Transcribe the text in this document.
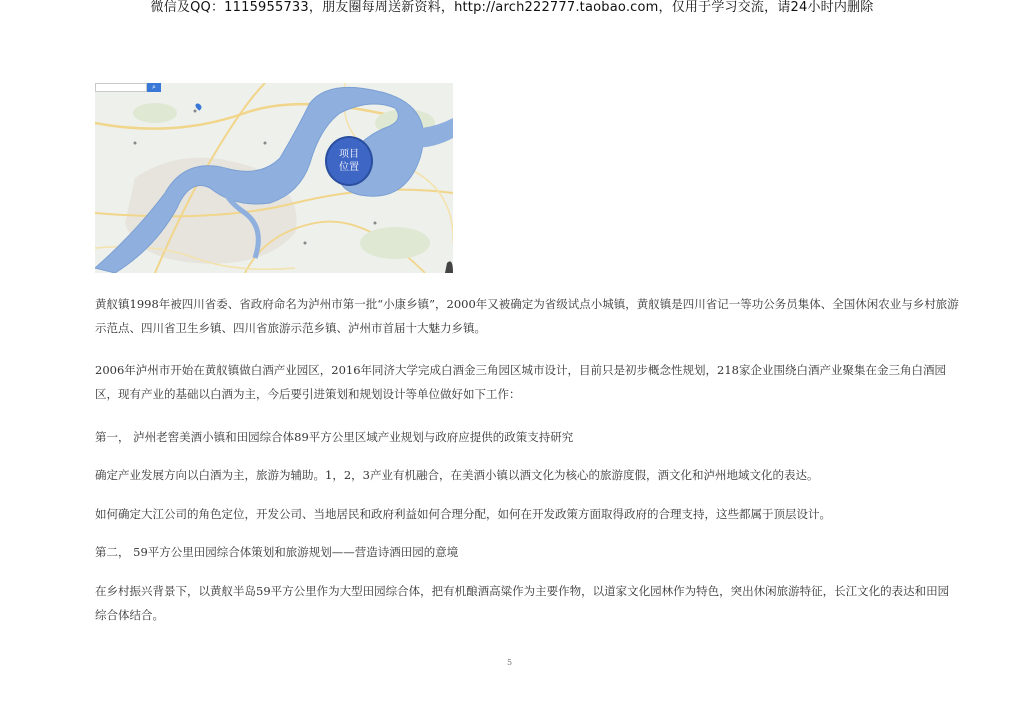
微信及QQ：1115955733，朋友圈每周送新资料，http://arch222777.taobao.com，仅用于学习交流，请24小时内删除
⌕
项目
位置
黄舣镇1998年被四川省委、省政府命名为泸州市第一批“小康乡镇”，2000年又被确定为省级试点小城镇，黄舣镇是四川省记一等功公务员集体、全国休闲农业与乡村旅游示范点、四川省卫生乡镇、四川省旅游示范乡镇、泸州市首届十大魅力乡镇。
2006年泸州市开始在黄舣镇做白酒产业园区，2016年同济大学完成白酒金三角园区城市设计，目前只是初步概念性规划，218家企业围绕白酒产业聚集在金三角白酒园区，现有产业的基础以白酒为主，今后要引进策划和规划设计等单位做好如下工作：
第一， 泸州老窖美酒小镇和田园综合体89平方公里区域产业规划与政府应提供的政策支持研究
确定产业发展方向以白酒为主，旅游为辅助。1，2，3产业有机融合，在美酒小镇以酒文化为核心的旅游度假，酒文化和泸州地域文化的表达。
如何确定大江公司的角色定位，开发公司、当地居民和政府利益如何合理分配，如何在开发政策方面取得政府的合理支持，这些都属于顶层设计。
第二， 59平方公里田园综合体策划和旅游规划——营造诗酒田园的意境
在乡村振兴背景下，以黄舣半岛59平方公里作为大型田园综合体，把有机酿酒高粱作为主要作物，以道家文化园林作为特色，突出休闲旅游特征，长江文化的表达和田园综合体结合。
5
